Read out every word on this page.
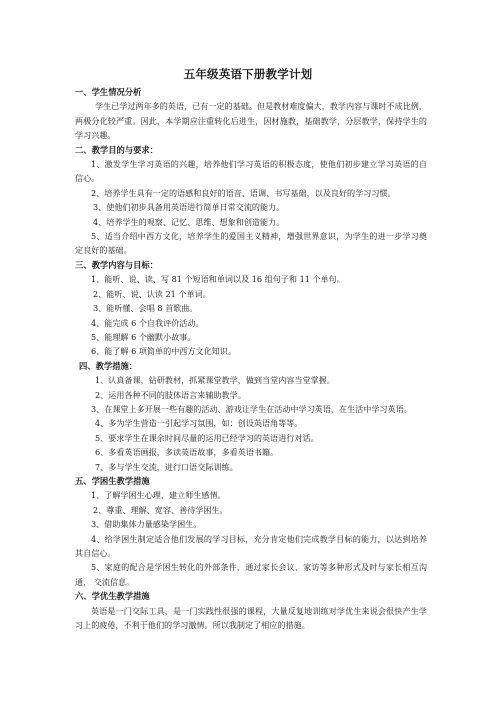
五年级英语下册教学计划
一、学生情况分析
学生已学过两年多的英语，已有一定的基础。但是教材难度偏大，教学内容与课时不成比例，两极分化较严重。因此，本学期应注重转化后进生，因材施教，基础教学，分层教学，保持学生的学习兴趣。
二、教学目的与要求：
1、激发学生学习英语的兴趣，培养他们学习英语的积极态度，使他们初步建立学习英语的自信心。
2、培养学生具有一定的语感和良好的语音、语调、书写基础，以及良好的学习习惯。
3、使他们初步具备用英语进行简单日常交流的能力。
4、培养学生的观察、记忆、思维、想象和创造能力。
5、适当介绍中西方文化，培养学生的爱国主义精神，增强世界意识，为学生的进一步学习奠定良好的基础。
三、教学内容与目标：
1、能听、说、读、写 81 个短语和单词以及 16 组句子和 11 个单句。
2、能听、说、认读 21 个单词。
3、能听懂、会唱 8 首歌曲。
4、能完成 6 个自我评价活动。
5、能理解 6 个幽默小故事。
6、能了解 6 项简单的中西方文化知识。
四、教学措施：
1、认真备课，钻研教材，抓紧课堂教学，做到当堂内容当堂掌握。
2、运用各种不同的肢体语言来辅助教学。
3、在课堂上多开展一些有趣的活动、游戏让学生在活动中学习英语，在生活中学习英语。
4、多为学生营造一引起学习氛围，如：创设英语角等等。
5、要求学生在课余时间尽量的运用已经学习的英语进行对话。
6、多看英语画报，多读英语故事，多看英语书籍。
7、多与学生交流，进行口语交际训练。
五、学困生教学措施
1、了解学困生心理，建立师生感情。
2、尊重、理解、宽容、善待学困生。
3、借助集体力量感染学困生。
4、给学困生制定适合他们发展的学习目标，充分肯定他们完成教学目标的能力，以达到培养其自信心。
5、家庭的配合是学困生转化的外部条件，通过家长会议、家访等多种形式及时与家长相互沟通， 交流信息。
六、学优生教学措施
英语是一门交际工具，是一门实践性很强的课程，大量反复地训练对学优生来说会很快产生学习上的疲倦，不利于他们的学习激情。所以我制定了相应的措施。
